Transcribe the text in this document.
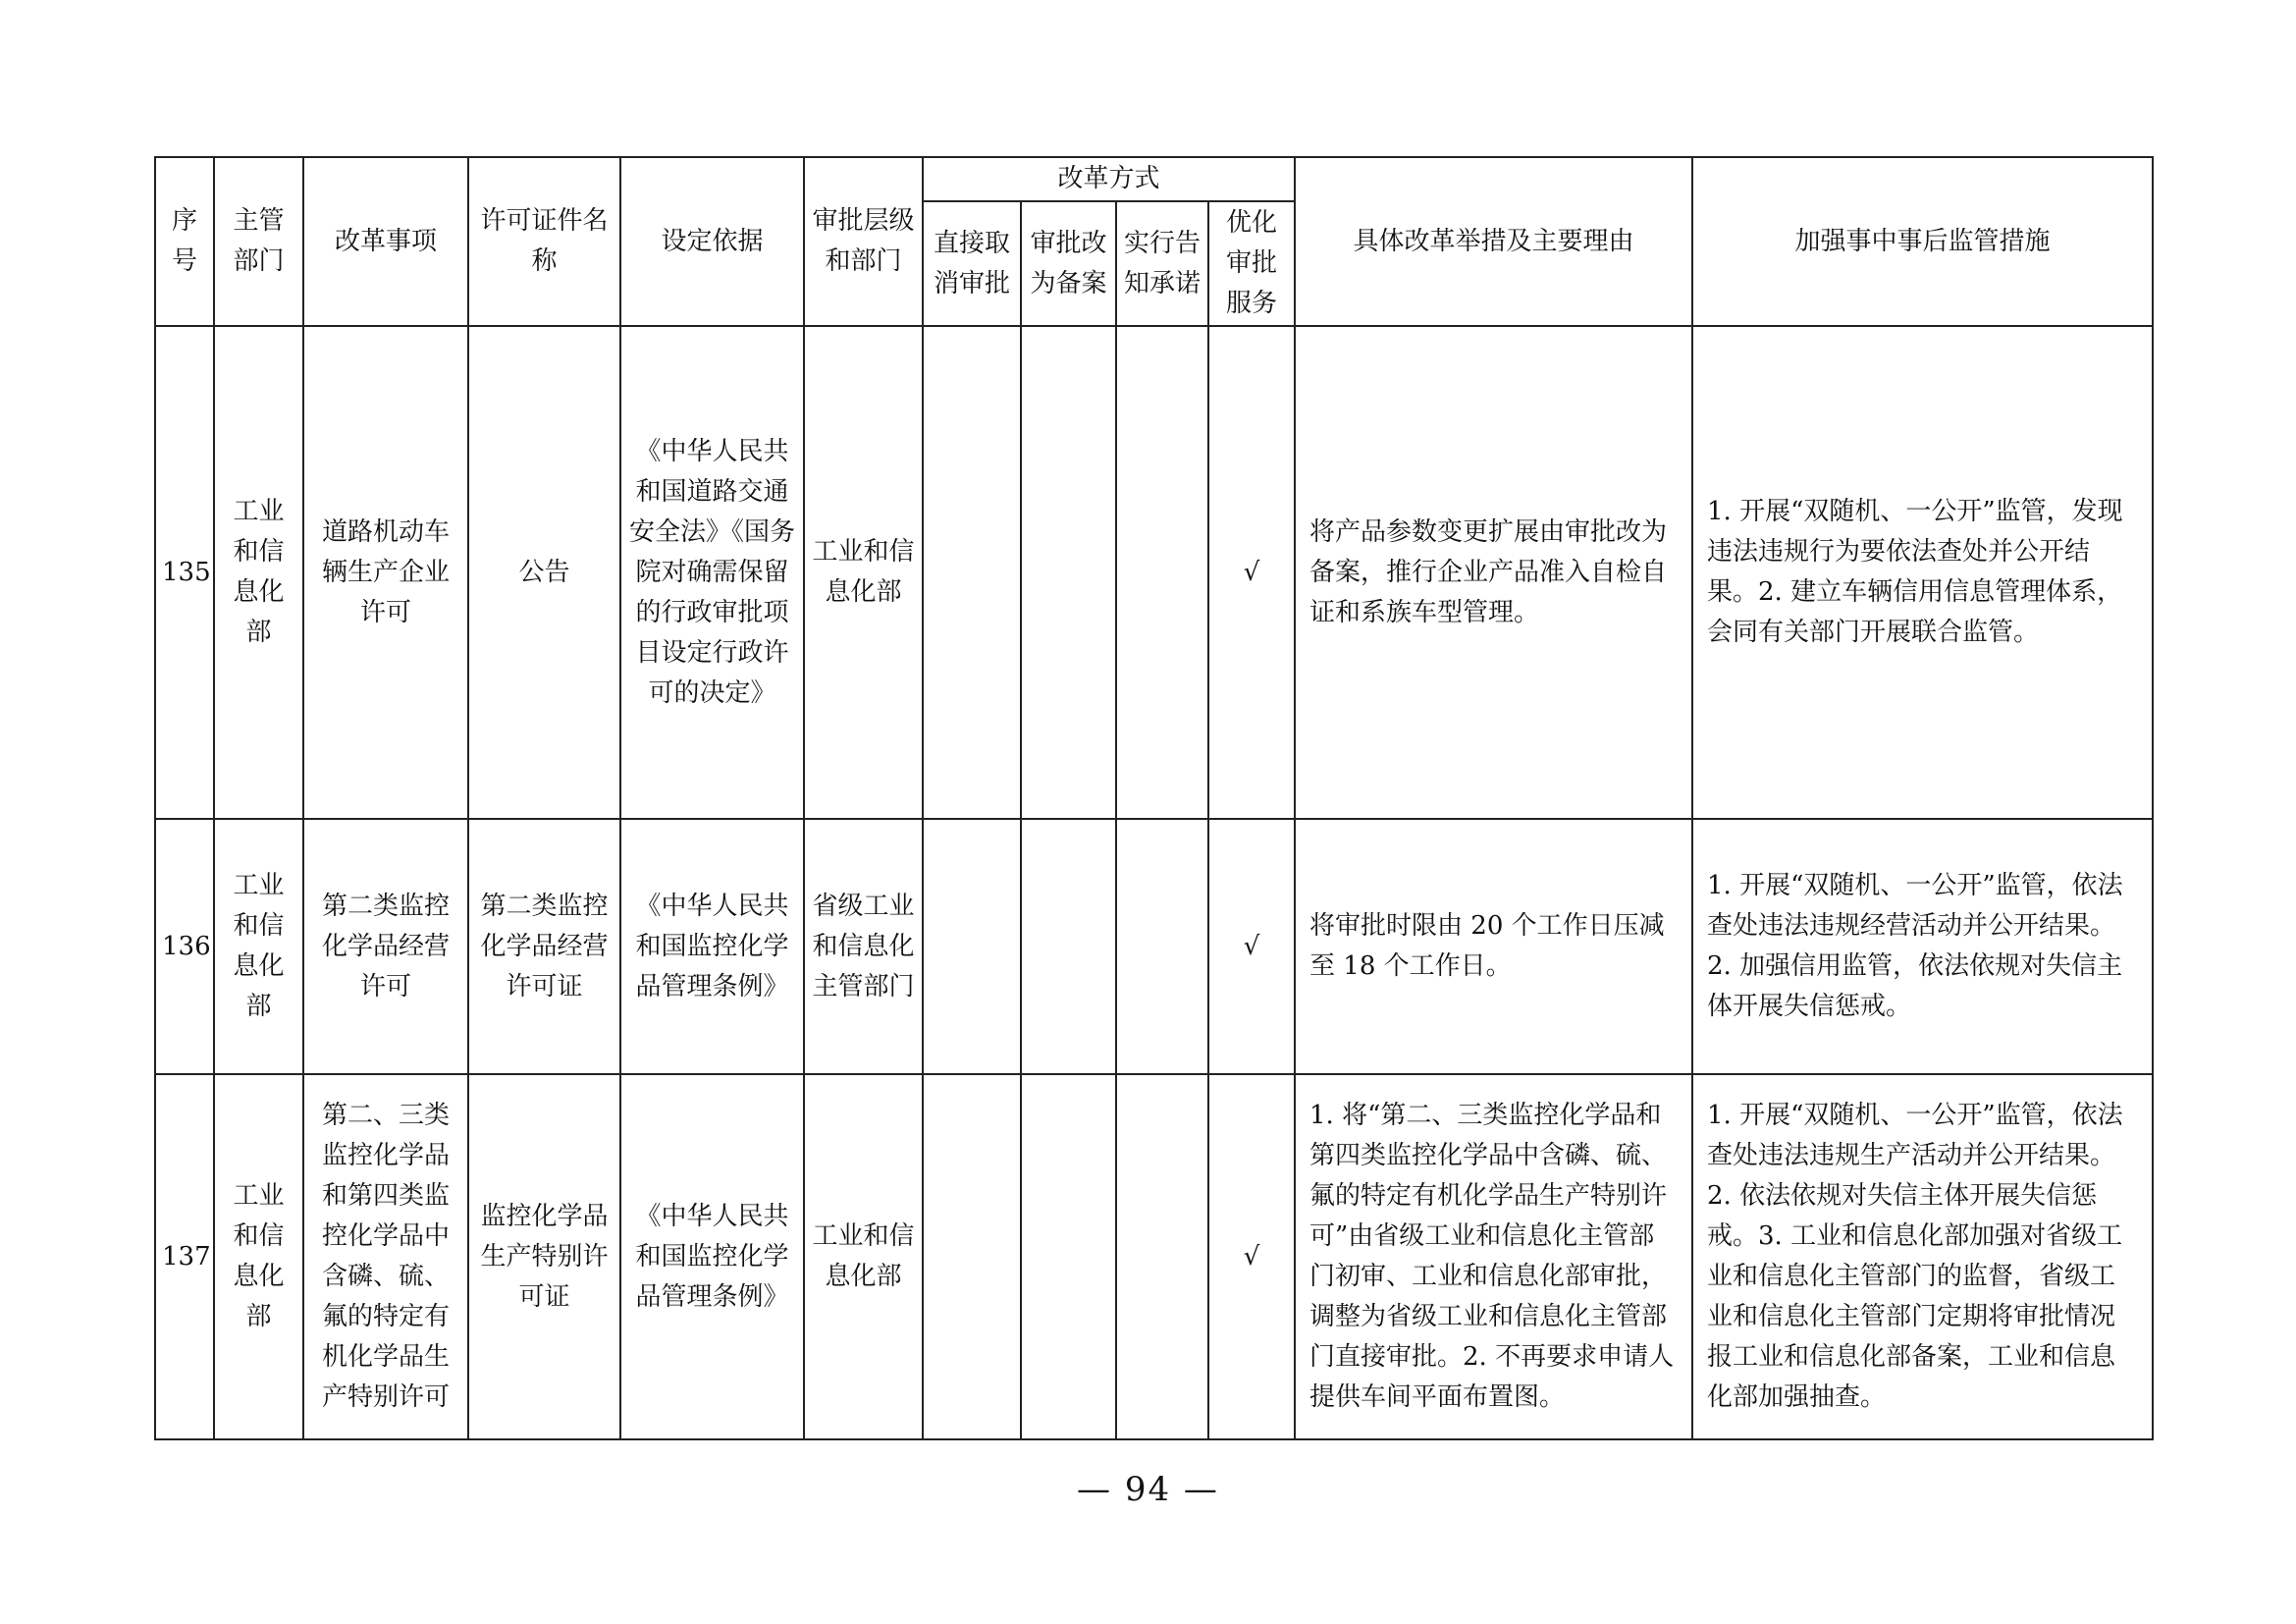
序号	主管部门	改革事项	许可证件名称	设定依据	审批层级和部门	改革方式				具体改革举措及主要理由	加强事中事后监管措施
						直接取消审批	审批改为备案	实行告知承诺	优化审批服务		
135	工业和信息化部	道路机动车辆生产企业许可	公告	《中华人民共和国道路交通安全法》《国务院对确需保留的行政审批项目设定行政许可的决定》	工业和信息化部				√	将产品参数变更扩展由审批改为备案，推行企业产品准入自检自证和系族车型管理。	1. 开展“双随机、一公开”监管，发现违法违规行为要依法查处并公开结果。2. 建立车辆信用信息管理体系，会同有关部门开展联合监管。
136	工业和信息化部	第二类监控化学品经营许可	第二类监控化学品经营许可证	《中华人民共和国监控化学品管理条例》	省级工业和信息化主管部门				√	将审批时限由 20 个工作日压减至 18 个工作日。	1. 开展“双随机、一公开”监管，依法查处违法违规经营活动并公开结果。2. 加强信用监管，依法依规对失信主体开展失信惩戒。
137	工业和信息化部	第二、三类监控化学品和第四类监控化学品中含磷、硫、氟的特定有机化学品生产特别许可	监控化学品生产特别许可证	《中华人民共和国监控化学品管理条例》	工业和信息化部				√	1. 将“第二、三类监控化学品和第四类监控化学品中含磷、硫、氟的特定有机化学品生产特别许可”由省级工业和信息化主管部门初审、工业和信息化部审批，调整为省级工业和信息化主管部门直接审批。2. 不再要求申请人提供车间平面布置图。	1. 开展“双随机、一公开”监管，依法查处违法违规生产活动并公开结果。2. 依法依规对失信主体开展失信惩戒。3. 工业和信息化部加强对省级工业和信息化主管部门的监督，省级工业和信息化主管部门定期将审批情况报工业和信息化部备案，工业和信息化部加强抽查。
— 94 —
